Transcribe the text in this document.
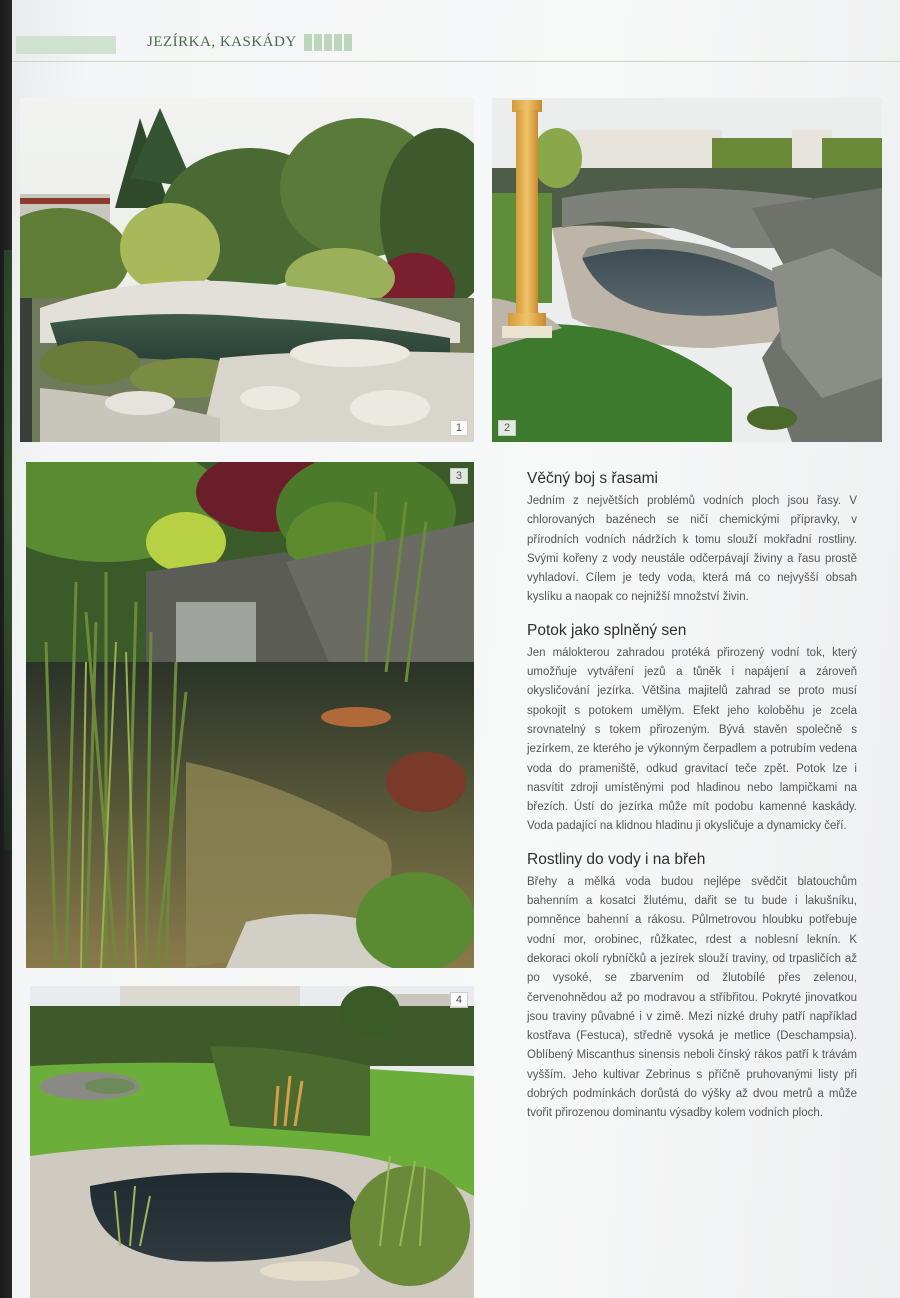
JEZÍRKA, KASKÁDY
1	2
3
4
Věčný boj s řasami

Jedním z největších problémů vodních ploch jsou řasy. V chlorovaných bazénech se ničí chemickými přípravky, v přírodních vodních nádržích k tomu slouží mokřadní rostliny. Svými kořeny z vody neustále odčerpávají živiny a řasu prostě vyhladoví. Cílem je tedy voda, která má co nejvyšší obsah kyslíku a naopak co nejnižší množství živin.

Potok jako splněný sen

Jen málokterou zahradou protéká přirozený vodní tok, který umožňuje vytváření jezů a tůněk i napájení a zároveň okysličování jezírka. Většina majitelů zahrad se proto musí spokojit s potokem umělým. Efekt jeho koloběhu je zcela srovnatelný s tokem přirozeným. Bývá stavěn společně s jezírkem, ze kterého je výkonným čerpadlem a potrubím vedena voda do prameniště, odkud gravitací teče zpět. Potok lze i nasvítit zdroji umístěnými pod hladinou nebo lampičkami na březích. Ústí do jezírka může mít podobu kamenné kaskády. Voda padající na klidnou hladinu ji okysličuje a dynamicky čeří.

Rostliny do vody i na břeh

Břehy a mělká voda budou nejlépe svědčit blatouchům bahenním a kosatci žlutému, dařit se tu bude i lakušníku, pomněnce bahenní a rákosu. Půlmetrovou hloubku potřebuje vodní mor, orobinec, růžkatec, rdest a noblesní leknín. K dekoraci okolí rybníčků a jezírek slouží traviny, od trpasličích až po vysoké, se zbarvením od žlutobílé přes zelenou, červenohnědou až po modravou a stříbřitou. Pokryté jinovatkou jsou traviny půvabné i v zimě. Mezi nízké druhy patří například kostřava (Festuca), středně vysoká je metlice (Deschampsia). Oblíbený Miscanthus sinensis neboli čínský rákos patří k trávám vyšším. Jeho kultivar Zebrinus s příčně pruhovanými listy při dobrých podmínkách dorůstá do výšky až dvou metrů a může tvořit přirozenou dominantu výsadby kolem vodních ploch.
